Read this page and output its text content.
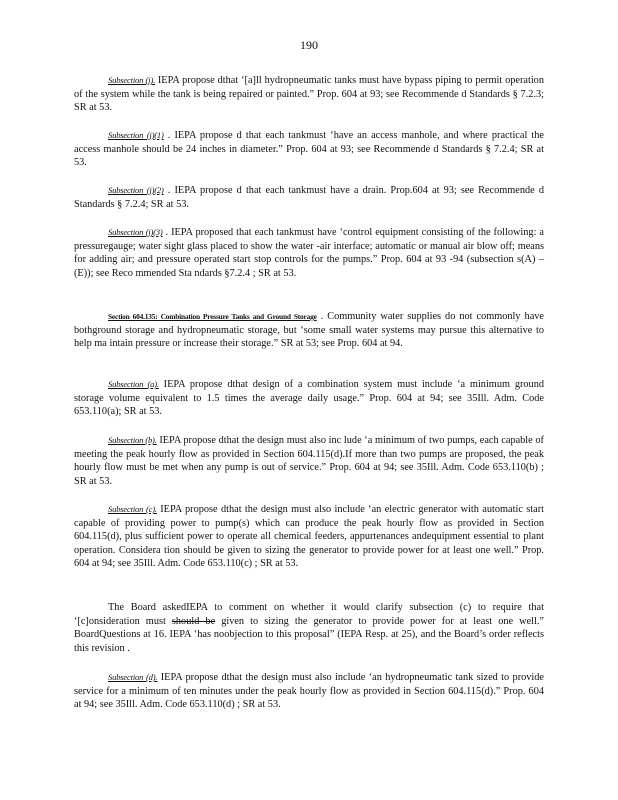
190

Subsection (j). IEPA propose dthat ‘[a]ll hydropneumatic tanks must have bypass piping to permit operation of the system while the tank is being repaired or painted.” Prop. 604 at 93; see Recommende d Standards § 7.2.3; SR at 53.

Subsection (j)(1) . IEPA propose d that each tankmust ‘have an access manhole, and where practical the access manhole should be 24 inches in diameter.” Prop. 604 at 93; see Recommende d Standards § 7.2.4; SR at 53.

Subsection (j)(2) . IEPA propose d that each tankmust have a drain. Prop.604 at 93; see Recommende d Standards § 7.2.4; SR at 53.

Subsection (j)(3) . IEPA proposed that each tankmust have ‘control equipment consisting of the following: a pressuregauge; water sight glass placed to show the water -air interface; automatic or manual air blow off; means for adding air; and pressure operated start stop controls for the pumps.” Prop. 604 at 93 -94 (subsection s(A) –(E)); see Reco mmended Sta ndards §7.2.4 ; SR at 53.

Section 604.135: Combination Pressure Tanks and Ground Storage . Community water supplies do not commonly have bothground storage and hydropneumatic storage, but ‘some small water systems may pursue this alternative to help ma intain pressure or increase their storage.” SR at 53; see Prop. 604 at 94.

Subsection (a). IEPA propose dthat design of a combination system must include ‘a minimum ground storage volume equivalent to 1.5 times the average daily usage.” Prop. 604 at 94; see 35Ill. Adm. Code 653.110(a); SR at 53.

Subsection (b). IEPA propose dthat the design must also inc lude ‘a minimum of two pumps, each capable of meeting the peak hourly flow as provided in Section 604.115(d).If more than two pumps are proposed, the peak hourly flow must be met when any pump is out of service.” Prop. 604 at 94; see 35Ill. Adm. Code 653.110(b) ; SR at 53.

Subsection (c). IEPA propose dthat the design must also include ‘an electric generator with automatic start capable of providing power to pump(s) which can produce the peak hourly flow as provided in Section 604.115(d), plus sufficient power to operate all chemical feeders, appurtenances andequipment essential to plant operation. Considera tion should be given to sizing the generator to provide power for at least one well.” Prop. 604 at 94; see 35Ill. Adm. Code 653.110(c) ; SR at 53.

The Board askedIEPA to comment on whether it would clarify subsection (c) to require that ‘[c]onsideration must should be given to sizing the generator to provide power for at least one well.” BoardQuestions at 16. IEPA ‘has noobjection to this proposal” (IEPA Resp. at 25), and the Board’s order reflects this revision .

Subsection (d). IEPA propose dthat the design must also include ‘an hydropneumatic tank sized to provide service for a minimum of ten minutes under the peak hourly flow as provided in Section 604.115(d).” Prop. 604 at 94; see 35Ill. Adm. Code 653.110(d) ; SR at 53.
